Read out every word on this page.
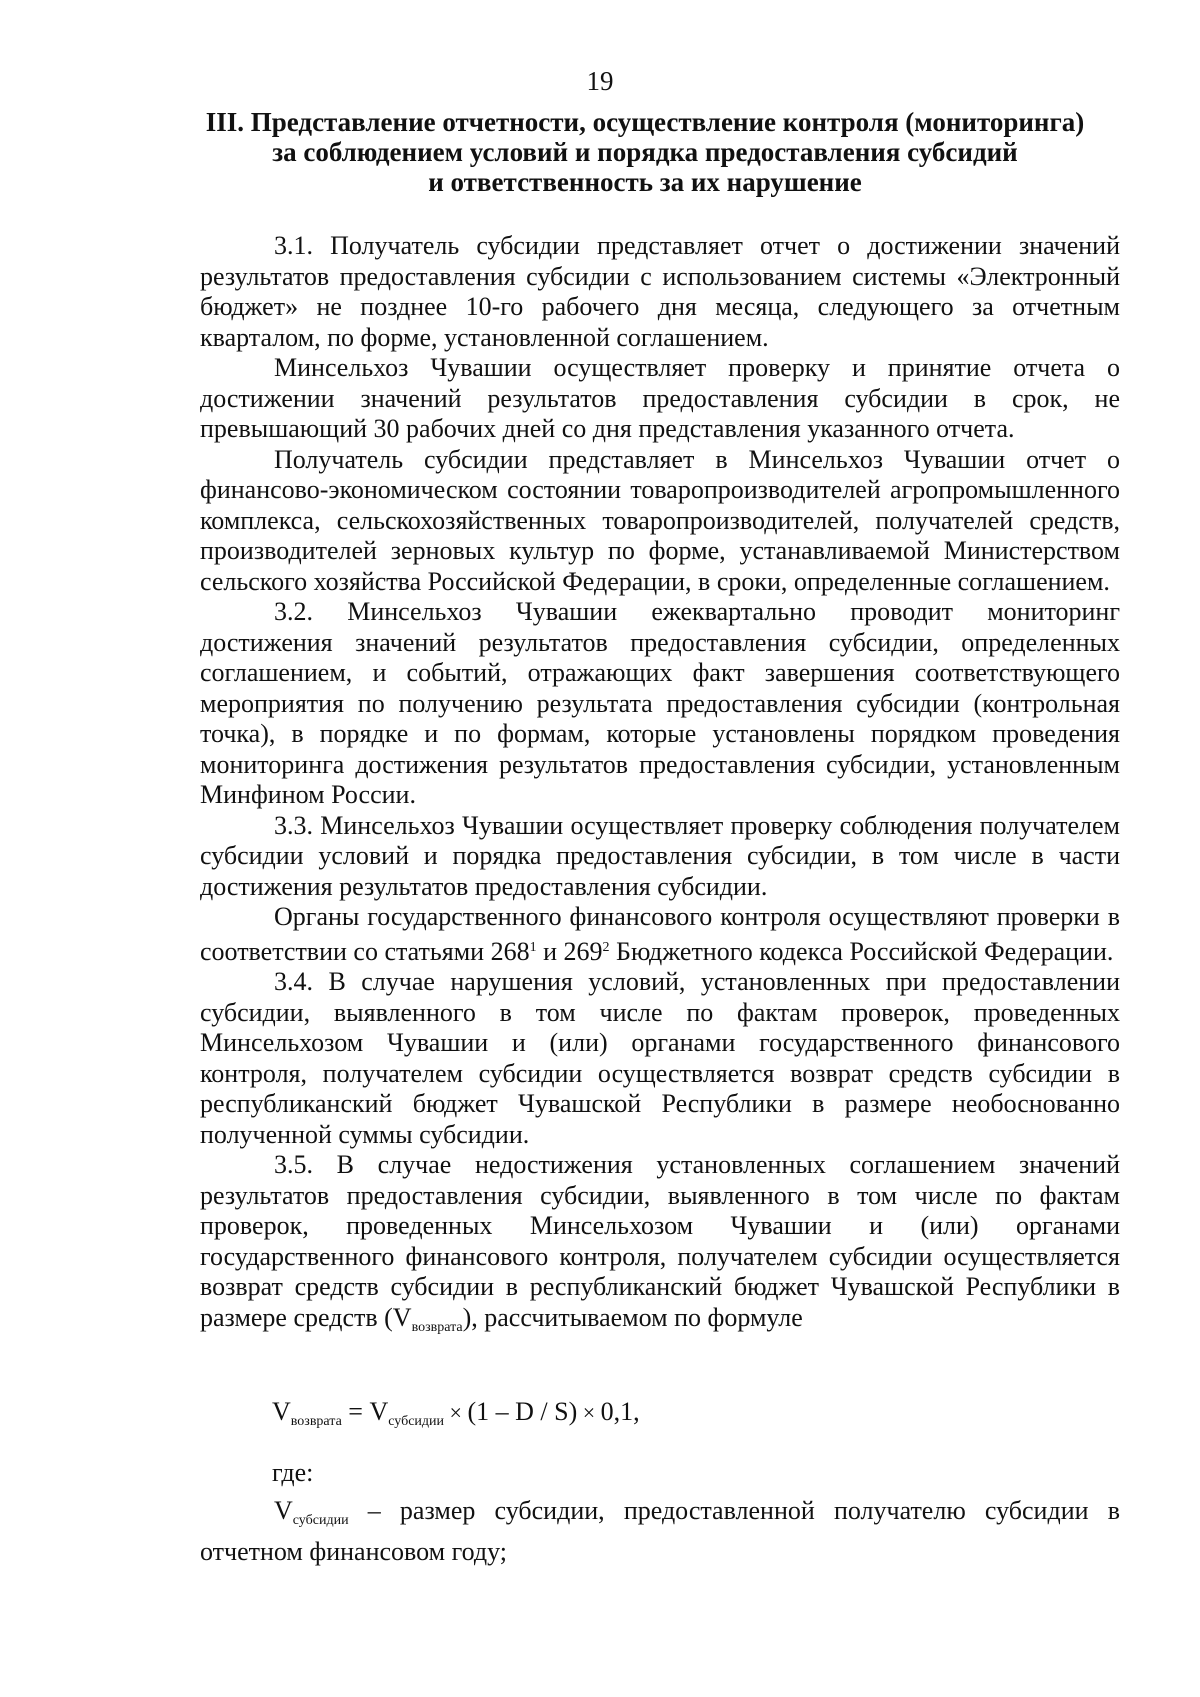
19
III. Представление отчетности, осуществление контроля (мониторинга)
за соблюдением условий и порядка предоставления субсидий
и ответственность за их нарушение

3.1. Получатель субсидии представляет отчет о достижении значений результатов предоставления субсидии с использованием системы «Электронный бюджет» не позднее 10-го рабочего дня месяца, следующего за отчетным кварталом, по форме, установленной соглашением.

Минсельхоз Чувашии осуществляет проверку и принятие отчета о достижении значений результатов предоставления субсидии в срок, не превышающий 30 рабочих дней со дня представления указанного отчета.

Получатель субсидии представляет в Минсельхоз Чувашии отчет о финансово-экономическом состоянии товаропроизводителей агропромышленного комплекса, сельскохозяйственных товаропроизводителей, получателей средств, производителей зерновых культур по форме, устанавливаемой Министерством сельского хозяйства Российской Федерации, в сроки, определенные соглашением.

3.2. Минсельхоз Чувашии ежеквартально проводит мониторинг достижения значений результатов предоставления субсидии, определенных соглашением, и событий, отражающих факт завершения соответствующего мероприятия по получению результата предоставления субсидии (контрольная точка), в порядке и по формам, которые установлены порядком проведения мониторинга достижения результатов предоставления субсидии, установленным Минфином России.

3.3. Минсельхоз Чувашии осуществляет проверку соблюдения получателем субсидии условий и порядка предоставления субсидии, в том числе в части достижения результатов предоставления субсидии.

Органы государственного финансового контроля осуществляют проверки в соответствии со статьями $268^1$ и $269^2$ Бюджетного кодекса Российской Федерации.

3.4. В случае нарушения условий, установленных при предоставлении субсидии, выявленного в том числе по фактам проверок, проведенных Минсельхозом Чувашии и (или) органами государственного финансового контроля, получателем субсидии осуществляется возврат средств субсидии в республиканский бюджет Чувашской Республики в размере необоснованно полученной суммы субсидии.

3.5. В случае недостижения установленных соглашением значений результатов предоставления субсидии, выявленного в том числе по фактам проверок, проведенных Минсельхозом Чувашии и (или) органами государственного финансового контроля, получателем субсидии осуществляется возврат средств субсидии в республиканский бюджет Чувашской Республики в размере средств $(V_{возврата})$, рассчитываемом по формуле

$V_{возврата} = V_{субсидии} \times (1 - D / S) \times 0,1$,
где:

$V_{субсидии}$ – размер субсидии, предоставленной получателю субсидии в отчетном финансовом году;
